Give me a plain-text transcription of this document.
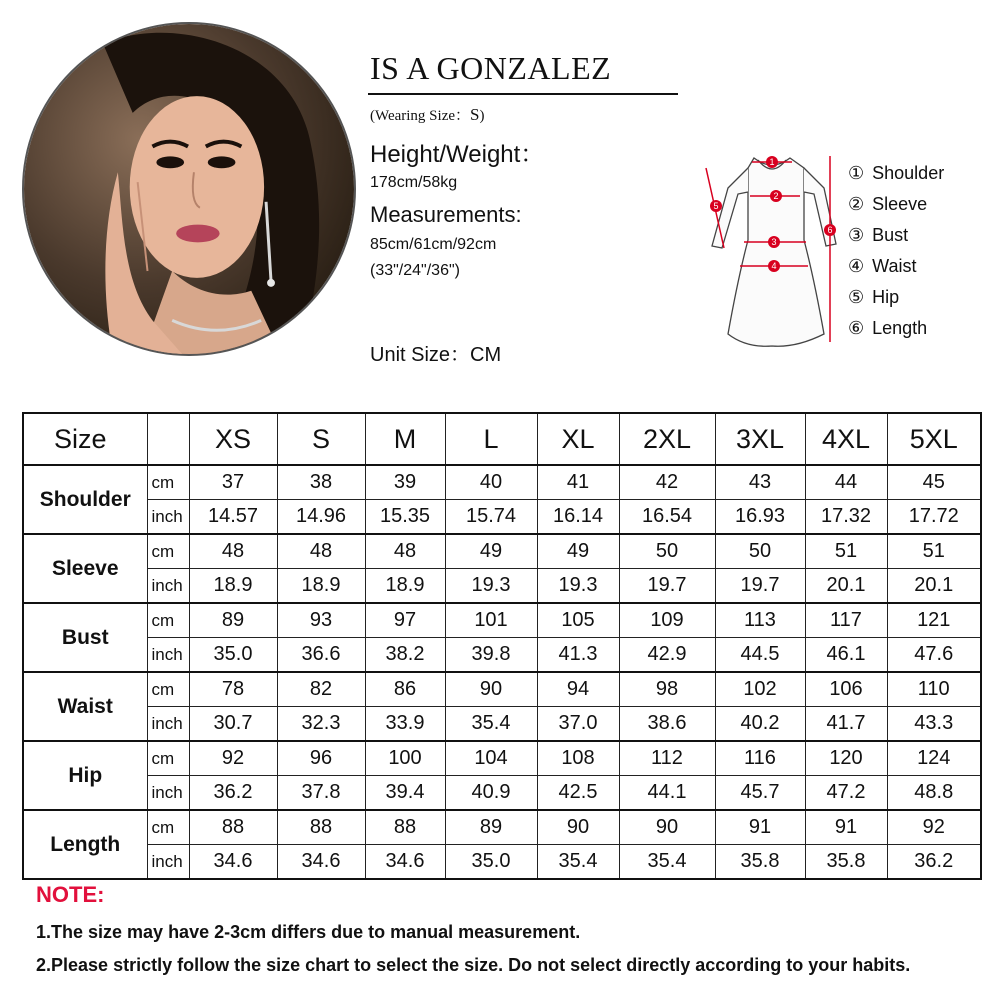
IS A GONZALEZ
(Wearing Size：S)
Height/Weight：
178cm/58kg
Measurements:
85cm/61cm/92cm
(33"/24"/36")
Unit Size：CM
1
2
3
4
5
6
① Shoulder
② Sleeve
③ Bust
④ Waist
⑤ Hip
⑥ Length
Size		XS	S	M	L	XL	2XL	3XL	4XL	5XL
Shoulder	cm	37	38	39	40	41	42	43	44	45
	inch	14.57	14.96	15.35	15.74	16.14	16.54	16.93	17.32	17.72
Sleeve	cm	48	48	48	49	49	50	50	51	51
	inch	18.9	18.9	18.9	19.3	19.3	19.7	19.7	20.1	20.1
Bust	cm	89	93	97	101	105	109	113	117	121
	inch	35.0	36.6	38.2	39.8	41.3	42.9	44.5	46.1	47.6
Waist	cm	78	82	86	90	94	98	102	106	110
	inch	30.7	32.3	33.9	35.4	37.0	38.6	40.2	41.7	43.3
Hip	cm	92	96	100	104	108	112	116	120	124
	inch	36.2	37.8	39.4	40.9	42.5	44.1	45.7	47.2	48.8
Length	cm	88	88	88	89	90	90	91	91	92
	inch	34.6	34.6	34.6	35.0	35.4	35.4	35.8	35.8	36.2
NOTE:
1.The size may have 2-3cm differs due to manual measurement.
2.Please strictly follow the size chart to select the size. Do not select directly according to your habits.
